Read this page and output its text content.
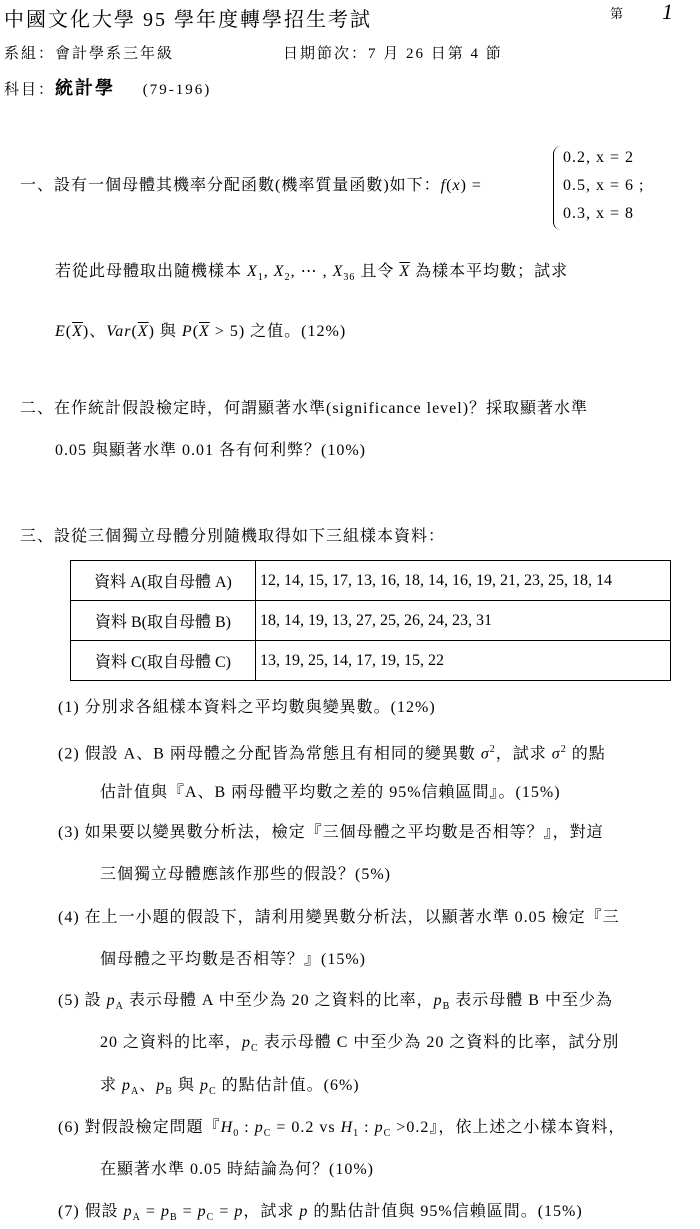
中國文化大學 95 學年度轉學招生考試	第 1
系組：會計學系三年級	日期節次：7 月 26 日第 4 節
科目：統計學 (79-196)
一、設有一個母體其機率分配函數(機率質量函數)如下：f(x) =
0.2, x = 2
0.5, x = 6 ;
0.3, x = 8
若從此母體取出隨機樣本 $X_1$, $X_2$, ⋯ , $X_{36}$ 且令 $\overline{X}$ 為樣本平均數；試求
$E(\overline{X})$、$Var(\overline{X})$ 與 $P(\overline{X} > 5)$ 之值。(12%)
二、在作統計假設檢定時，何謂顯著水準(significance level)？採取顯著水準
0.05 與顯著水準 0.01 各有何利弊？(10%)
三、設從三個獨立母體分別隨機取得如下三組樣本資料：
資料 A(取自母體 A)	12, 14, 15, 17, 13, 16, 18, 14, 16, 19, 21, 23, 25, 18, 14
資料 B(取自母體 B)	18, 14, 19, 13, 27, 25, 26, 24, 23, 31
資料 C(取自母體 C)	13, 19, 25, 14, 17, 19, 15, 22
(1) 分別求各組樣本資料之平均數與變異數。(12%)
(2) 假設 A、B 兩母體之分配皆為常態且有相同的變異數 $\sigma^2$，試求 $\sigma^2$ 的點
估計值與『A、B 兩母體平均數之差的 95%信賴區間』。(15%)
(3) 如果要以變異數分析法，檢定『三個母體之平均數是否相等？』，對這
三個獨立母體應該作那些的假設？(5%)
(4) 在上一小題的假設下，請利用變異數分析法，以顯著水準 0.05 檢定『三
個母體之平均數是否相等？』(15%)
(5) 設 $p_A$ 表示母體 A 中至少為 20 之資料的比率，$p_B$ 表示母體 B 中至少為
20 之資料的比率，$p_C$ 表示母體 C 中至少為 20 之資料的比率，試分別
求 $p_A$、$p_B$ 與 $p_C$ 的點估計值。(6%)
(6) 對假設檢定問題『$H_0$ : $p_C = 0.2$ vs $H_1$ : $p_C >0.2$』，依上述之小樣本資料，
在顯著水準 0.05 時結論為何？(10%)
(7) 假設 $p_A = p_B = p_C = p$，試求 p 的點估計值與 95%信賴區間。(15%)
